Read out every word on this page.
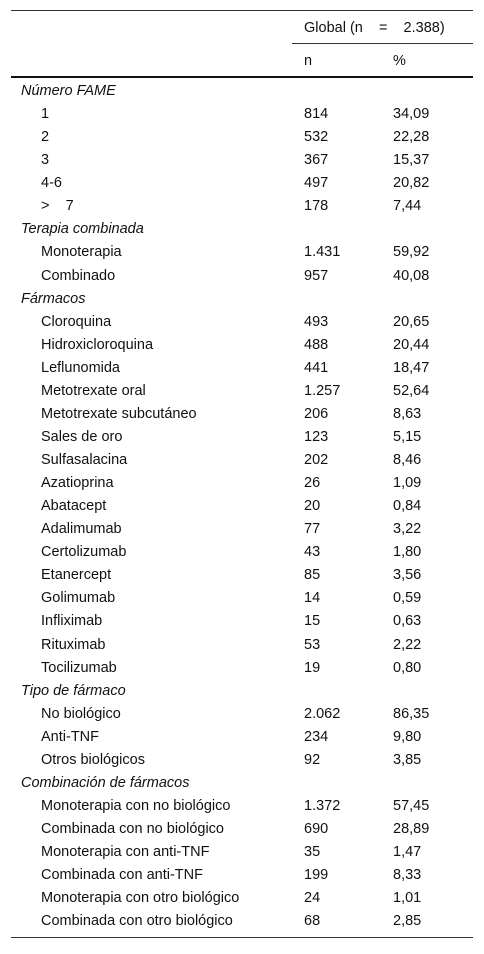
Global (n    =    2.388)
n	%
Número FAME
1	814	34,09
2	532	22,28
3	367	15,37
4-6	497	20,82
>    7	178	7,44
Terapia combinada
Monoterapia	1.431	59,92
Combinado	957	40,08
Fármacos
Cloroquina	493	20,65
Hidroxicloroquina	488	20,44
Leflunomida	441	18,47
Metotrexate oral	1.257	52,64
Metotrexate subcutáneo	206	8,63
Sales de oro	123	5,15
Sulfasalacina	202	8,46
Azatioprina	26	1,09
Abatacept	20	0,84
Adalimumab	77	3,22
Certolizumab	43	1,80
Etanercept	85	3,56
Golimumab	14	0,59
Infliximab	15	0,63
Rituximab	53	2,22
Tocilizumab	19	0,80
Tipo de fármaco
No biológico	2.062	86,35
Anti-TNF	234	9,80
Otros biológicos	92	3,85
Combinación de fármacos
Monoterapia con no biológico	1.372	57,45
Combinada con no biológico	690	28,89
Monoterapia con anti-TNF	35	1,47
Combinada con anti-TNF	199	8,33
Monoterapia con otro biológico	24	1,01
Combinada con otro biológico	68	2,85
